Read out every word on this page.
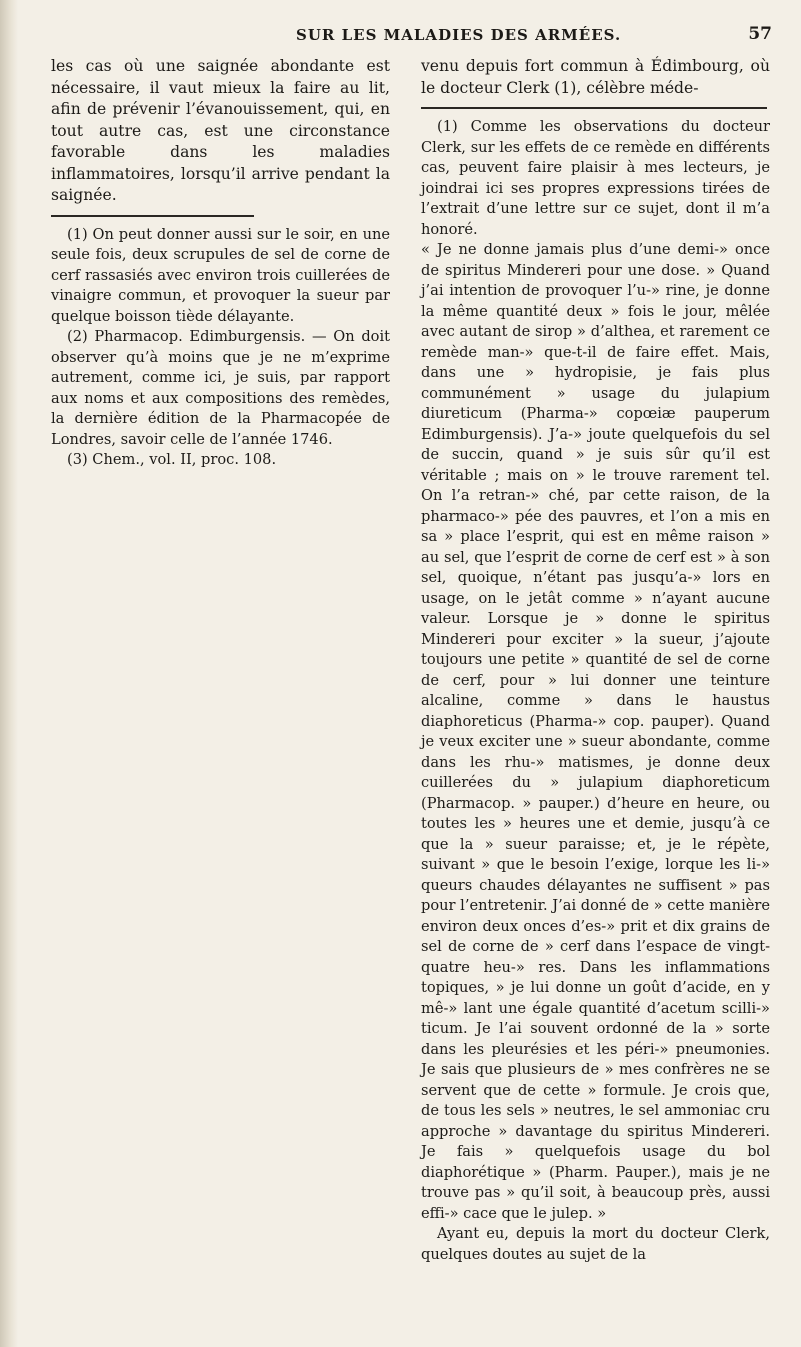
SUR LES MALADIES DES ARMÉES.	57

les cas où une saignée abondante est nécessaire, il vaut mieux la faire au lit, afin de prévenir l’évanouissement, qui, en tout autre cas, est une circonstance favorable dans les maladies inflammatoires, lorsqu’il arrive pendant la saignée.

(1) On peut donner aussi sur le soir, en une seule fois, deux scrupules de sel de corne de cerf rassasiés avec environ trois cuillerées de vinaigre commun, et provoquer la sueur par quelque boisson tiède délayante.

(2) Pharmacop. Edimburgensis. — On doit observer qu’à moins que je ne m’exprime autrement, comme ici, je suis, par rapport aux noms et aux compositions des remèdes, la dernière édition de la Pharmacopée de Londres, savoir celle de l’année 1746.

(3) Chem., vol. II, proc. 108.

venu depuis fort commun à Édimbourg, où le docteur Clerk (1), célèbre méde-

(1) Comme les observations du docteur Clerk, sur les effets de ce remède en différents cas, peuvent faire plaisir à mes lecteurs, je joindrai ici ses propres expressions tirées de l’extrait d’une lettre sur ce sujet, dont il m’a honoré.

« Je ne donne jamais plus d’une demi-» once de spiritus Mindereri pour une dose. » Quand j’ai intention de provoquer l’u-» rine, je donne la même quantité deux » fois le jour, mêlée avec autant de sirop » d’althea, et rarement ce remède man-» que-t-il de faire effet. Mais, dans une » hydropisie, je fais plus communément » usage du julapium diureticum (Pharma-» copœiæ pauperum Edimburgensis). J’a-» joute quelquefois du sel de succin, quand » je suis sûr qu’il est véritable ; mais on » le trouve rarement tel. On l’a retran-» ché, par cette raison, de la pharmaco-» pée des pauvres, et l’on a mis en sa » place l’esprit, qui est en même raison » au sel, que l’esprit de corne de cerf est » à son sel, quoique, n’étant pas jusqu’a-» lors en usage, on le jetât comme » n’ayant aucune valeur. Lorsque je » donne le spiritus Mindereri pour exciter » la sueur, j’ajoute toujours une petite » quantité de sel de corne de cerf, pour » lui donner une teinture alcaline, comme » dans le haustus diaphoreticus (Pharma-» cop. pauper). Quand je veux exciter une » sueur abondante, comme dans les rhu-» matismes, je donne deux cuillerées du » julapium diaphoreticum (Pharmacop. » pauper.) d’heure en heure, ou toutes les » heures une et demie, jusqu’à ce que la » sueur paraisse; et, je le répète, suivant » que le besoin l’exige, lorque les li-» queurs chaudes délayantes ne suffisent » pas pour l’entretenir. J’ai donné de » cette manière environ deux onces d’es-» prit et dix grains de sel de corne de » cerf dans l’espace de vingt-quatre heu-» res. Dans les inflammations topiques, » je lui donne un goût d’acide, en y mê-» lant une égale quantité d’acetum scilli-» ticum. Je l’ai souvent ordonné de la » sorte dans les pleurésies et les péri-» pneumonies. Je sais que plusieurs de » mes confrères ne se servent que de cette » formule. Je crois que, de tous les sels » neutres, le sel ammoniac cru approche » davantage du spiritus Mindereri. Je fais » quelquefois usage du bol diaphorétique » (Pharm. Pauper.), mais je ne trouve pas » qu’il soit, à beaucoup près, aussi effi-» cace que le julep. »

Ayant eu, depuis la mort du docteur Clerk, quelques doutes au sujet de la
